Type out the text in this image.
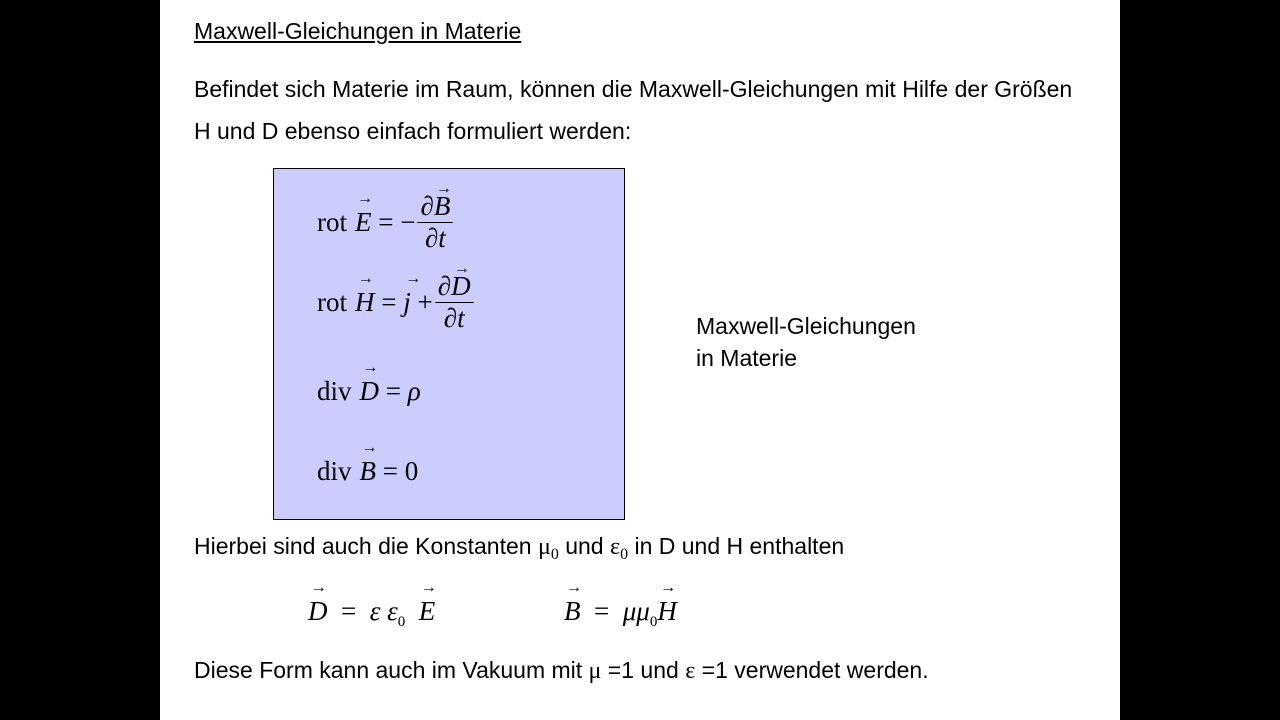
Maxwell-Gleichungen in Materie
Befindet sich Materie im Raum, können die Maxwell-Gleichungen mit Hilfe der Größen H und D ebenso einfach formuliert werden:
rot E → = − $\frac{\partial B \to}{\partial t}$
rot H → = j →
+ $\frac{\partial D \to}{\partial t}$
div D → = ρ
div B → = 0
Maxwell-Gleichungen
in Materie
Hierbei sind auch die Konstanten $\mu_0$ und $\varepsilon_0$ in D und H enthalten
D → = ε $\varepsilon_0$ E →	B → = $\mu\mu_0H$ →
Diese Form kann auch im Vakuum mit μ =1 und ε =1 verwendet werden.
